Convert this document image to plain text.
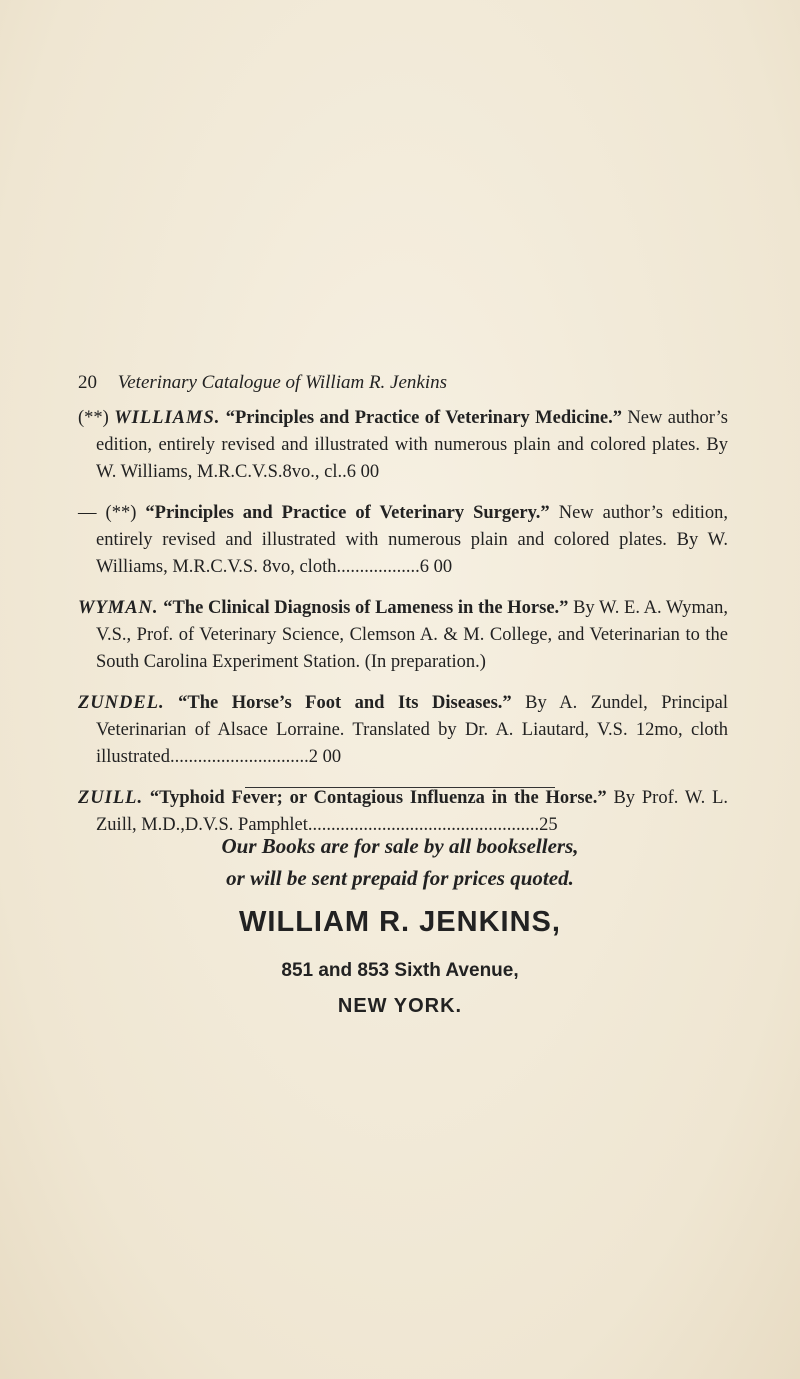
20 Veterinary Catalogue of William R. Jenkins
(**) WILLIAMS. “Principles and Practice of Veterinary Medicine.” New author’s edition, entirely revised and illustrated with numerous plain and colored plates. By W. Williams, M.R.C.V.S.8vo., cl..6 00
— (**) “Principles and Practice of Veterinary Surgery.” New author’s edition, entirely revised and illustrated with numerous plain and colored plates. By W. Williams, M.R.C.V.S. 8vo, cloth..................6 00
WYMAN. “The Clinical Diagnosis of Lameness in the Horse.” By W. E. A. Wyman, V.S., Prof. of Veterinary Science, Clemson A. & M. College, and Veterinarian to the South Carolina Experiment Station. (In preparation.)
ZUNDEL. “The Horse’s Foot and Its Diseases.” By A. Zundel, Principal Veterinarian of Alsace Lorraine. Translated by Dr. A. Liautard, V.S. 12mo, cloth illustrated..............................2 00
ZUILL. “Typhoid Fever; or Contagious Influenza in the Horse.” By Prof. W. L. Zuill, M.D.,D.V.S. Pamphlet..................................................25
Our Books are for sale by all booksellers,
or will be sent prepaid for prices quoted.
WILLIAM R. JENKINS,
851 and 853 Sixth Avenue,
NEW YORK.
